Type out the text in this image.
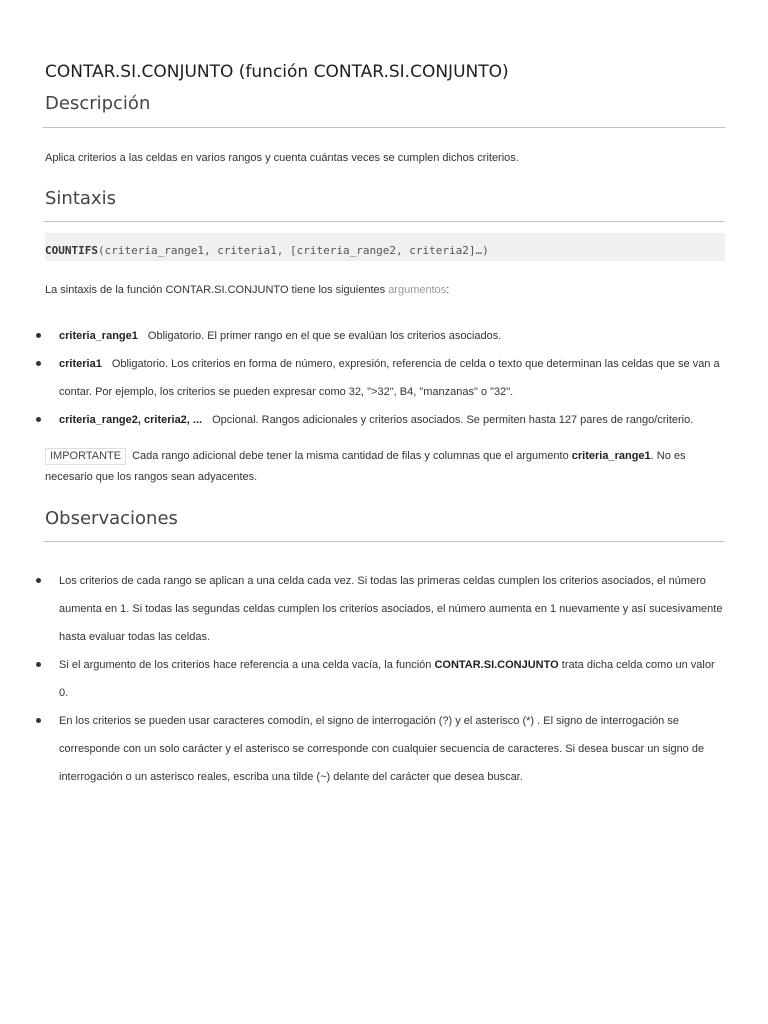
CONTAR.SI.CONJUNTO (función CONTAR.SI.CONJUNTO)
Descripción
Aplica criterios a las celdas en varios rangos y cuenta cuántas veces se cumplen dichos criterios.
Sintaxis
COUNTIFS(criteria_range1, criteria1, [criteria_range2, criteria2]…)
La sintaxis de la función CONTAR.SI.CONJUNTO tiene los siguientes argumentos:
criteria_range1 Obligatorio. El primer rango en el que se evalúan los criterios asociados.
criteria1 Obligatorio. Los criterios en forma de número, expresión, referencia de celda o texto que determinan las celdas que se van a contar. Por ejemplo, los criterios se pueden expresar como 32, ">32", B4, "manzanas" o "32".
criteria_range2, criteria2, ... Opcional. Rangos adicionales y criterios asociados. Se permiten hasta 127 pares de rango/criterio.
IMPORTANTE Cada rango adicional debe tener la misma cantidad de filas y columnas que el argumento criteria_range1. No es necesario que los rangos sean adyacentes.
Observaciones
Los criterios de cada rango se aplican a una celda cada vez. Si todas las primeras celdas cumplen los criterios asociados, el número aumenta en 1. Si todas las segundas celdas cumplen los criterios asociados, el número aumenta en 1 nuevamente y así sucesivamente hasta evaluar todas las celdas.
Si el argumento de los criterios hace referencia a una celda vacía, la función CONTAR.SI.CONJUNTO trata dicha celda como un valor 0.
En los criterios se pueden usar caracteres comodín, el signo de interrogación (?) y el asterisco (*) . El signo de interrogación se corresponde con un solo carácter y el asterisco se corresponde con cualquier secuencia de caracteres. Si desea buscar un signo de interrogación o un asterisco reales, escriba una tilde (~) delante del carácter que desea buscar.
